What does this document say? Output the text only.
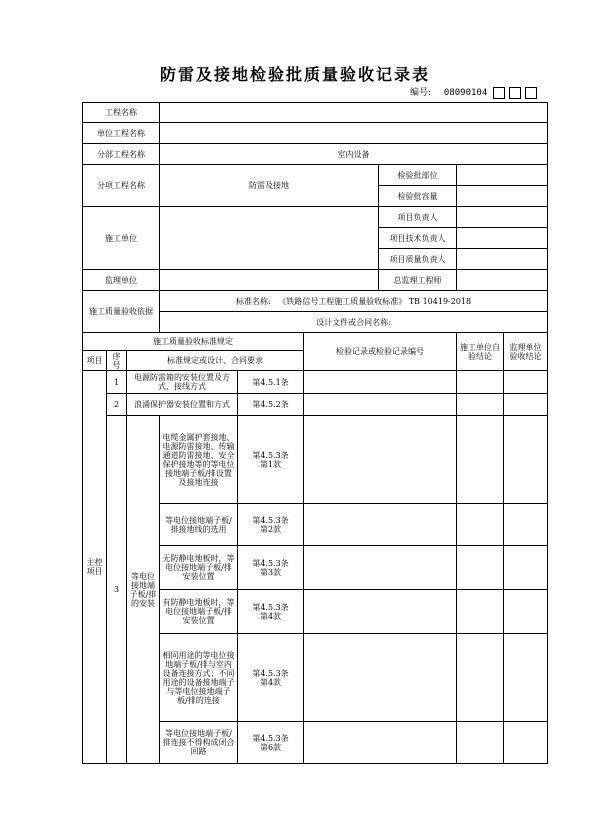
防雷及接地检验批质量验收记录表
编号: 08090104
工程名称								
单位工程名称								
分部工程名称			室内设备					
分项工程名称			防雷及接地			检验批部位		
						检验批容量		
施工单位						项目负责人		
						项目技术负责人		
						项目质量负责人		
监理单位						总监理工程师		
施工质量验收依据			标准名称: 《铁路信号工程施工质量验收标准》 TB 10419-2018					
			设计文件或合同名称:					
施工质量验收标准规定					检验记录或检验记录编号		施工单位自验结论	监理单位验收结论
项目	序号	标准规定或设计、合同要求						
主控项目	1	电源防雷箱的安装位置及方式、接线方式		第4.5.1条				
	2	浪涌保护器安装位置和方式		第4.5.2条				
	3	等电位接地端子板/排的安装	电缆金属护套接地、电源防雷接地、传输通道防雷接地、安全保护接地等的等电位接地端子板/排设置及接地连接	第4.5.3条
第1款				
			等电位接地端子板/排接地线的选用	第4.5.3条
第2款				
			无防静电地板时，等电位接地端子板/排安装位置	第4.5.3条
第3款				
			有防静电地板时，等电位接地端子板/排安装位置	第4.5.3条
第4款				
			相同用途的等电位接地端子板/排与室内设备连接方式；不同用途的设备接地端子与等电位接地端子板/排的连接	第4.5.3条
第4款				
			等电位接地端子板/排连接不得构成闭合回路	第4.5.3条
第6款				
